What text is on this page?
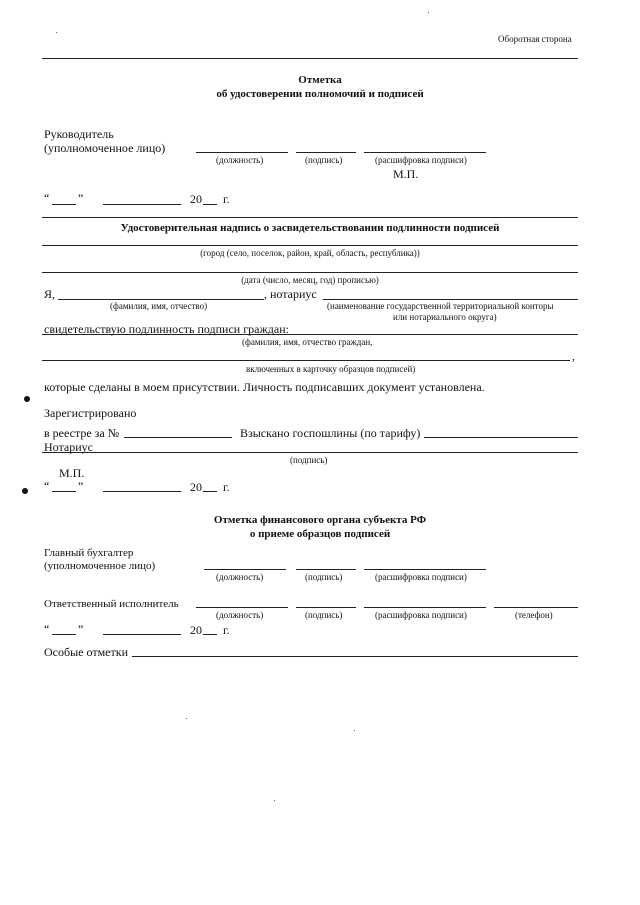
Оборотная сторона
Отметка
об удостоверении полномочий и подписей
Руководитель
(уполномоченное лицо)
(должность)	(подпись)	(расшифровка подписи)
М.П.
“ ”	20 г.
Удостоверительная надпись о засвидетельствовании подлинности подписей
(город (село, поселок, район, край, область, республика))
(дата (число, месяц, год) прописью)
Я,	, нотариус
(фамилия, имя, отчество)	(наименование государственной территориальной конторы
или нотариального округа)
свидетельствую подлинность подписи граждан:
(фамилия, имя, отчество граждан,
,
включенных в карточку образцов подписей)
которые сделаны в моем присутствии. Личность подписавших документ установлена.
Зарегистрировано
в реестре за №	Взыскано госпошлины (по тарифу)
Нотариус
(подпись)
М.П.
“ ”	20 г.
Отметка финансового органа субъекта РФ
о приеме образцов подписей
Главный бухгалтер
(уполномоченное лицо)
(должность)	(подпись)	(расшифровка подписи)
Ответственный исполнитель
(должность)	(подпись)	(расшифровка подписи)	(телефон)
“ ”	20 г.
Особые отметки
